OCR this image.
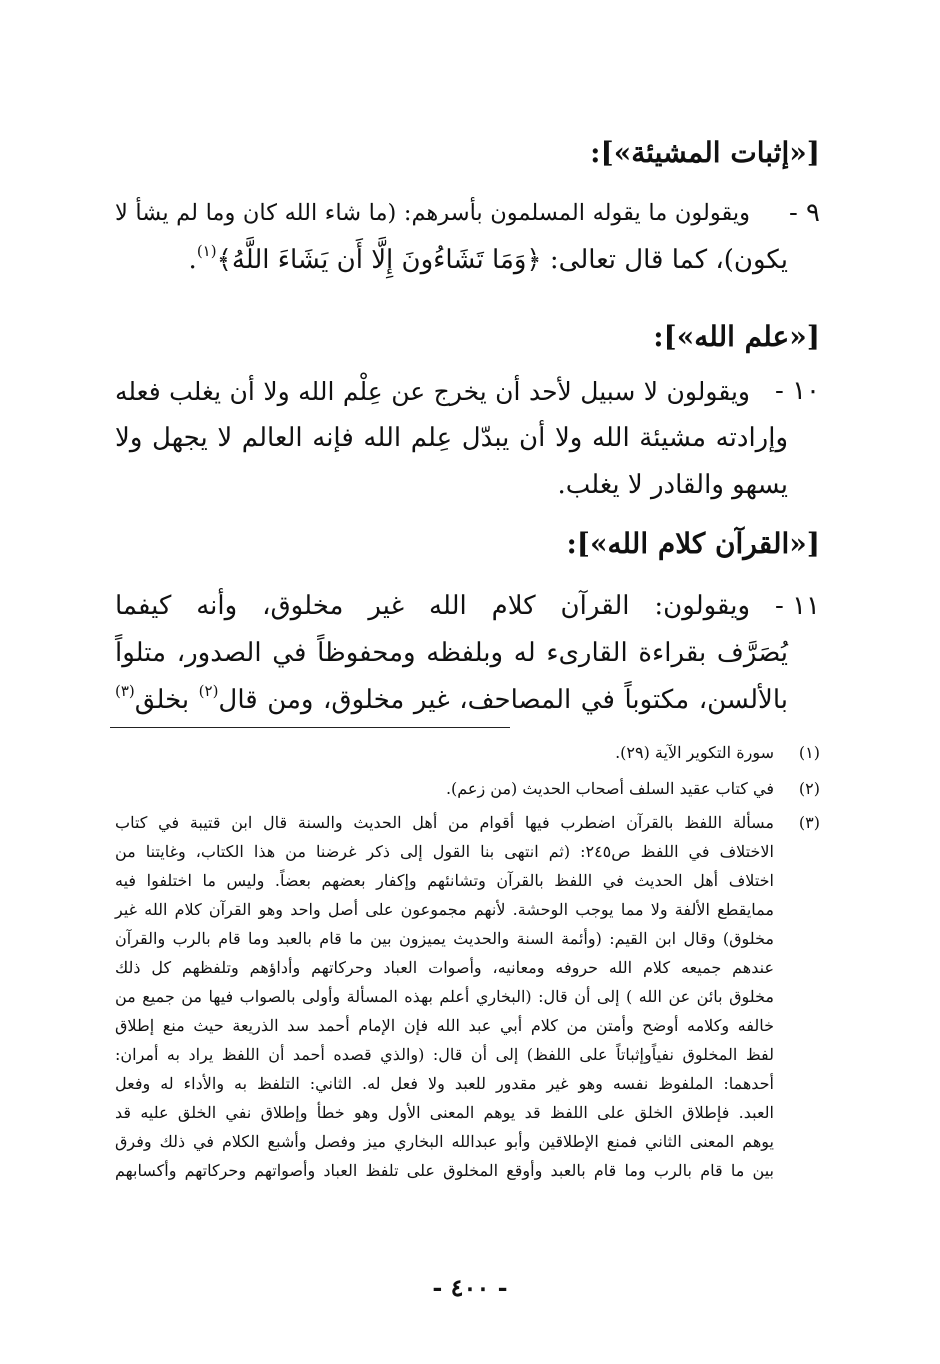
[«إثبات المشيئة»]:
٩ -
ويقولون ما يقوله المسلمون بأسرهم: (ما شاء الله كان وما لم يشأ لا
يكون)، كما قال تعالى: ﴿وَمَا تَشَاءُونَ إِلَّا أَن يَشَاءَ اللَّهُ﴾$^{(١)}$.
[«علم الله»]:
١٠ -
ويقولون لا سبيل لأحد أن يخرج عن عِلْم الله ولا أن يغلب فعله
وإرادته مشيئة الله ولا أن يبدّل عِلم الله فإنه العالم لا يجهل ولا
يسهو والقادر لا يغلب.
[«القرآن كلام الله»]:
١١ -
ويقولون: القرآن كلام الله غير مخلوق، وأنه كيفما
يُصَرَّف بقراءة القارىء له وبلفظه ومحفوظاً في الصدور، متلواً
بالألسن، مكتوباً في المصاحف، غير مخلوق، ومن قال$^{(٢)}$ بخلق$^{(٣)}$
(١)
سورة التكوير الآية (٢٩).
(٢)
في كتاب عقيد السلف أصحاب الحديث (من زعم).
(٣)
مسألة اللفظ بالقرآن اضطرب فيها أقوام من أهل الحديث والسنة قال ابن قتيبة في كتاب
الاختلاف في اللفظ ص٢٤٥: (ثم انتهى بنا القول إلى ذكر غرضنا من هذا الكتاب، وغايتنا من
اختلاف أهل الحديث في اللفظ بالقرآن وتشانئهم وإكفار بعضهم بعضاً. وليس ما اختلفوا فيه
ممايقطع الألفة ولا مما يوجب الوحشة. لأنهم مجموعون على أصل واحد وهو القرآن كلام الله غير
مخلوق) وقال ابن القيم: (وأئمة السنة والحديث يميزون بين ما قام بالعبد وما قام بالرب والقرآن
عندهم جميعه كلام الله حروفه ومعانيه، وأصوات العباد وحركاتهم وأداؤهم وتلفظهم كل ذلك
مخلوق بائن عن الله ) إلى أن قال: (البخاري أعلم بهذه المسألة وأولى بالصواب فيها من جميع من
خالفه وكلامه أوضح وأمتن من كلام أبي عبد الله فإن الإمام أحمد سد الذريعة حيث منع إطلاق
لفظ المخلوق نفياًوإثباتاً على اللفظ) إلى أن قال: (والذي قصده أحمد أن اللفظ يراد به أمران:
أحدهما: الملفوظ نفسه وهو غير مقدور للعبد ولا فعل له. الثاني: التلفظ به والأداء له وفعل
العبد. فإطلاق الخلق على اللفظ قد يوهم المعنى الأول وهو خطأ وإطلاق نفي الخلق عليه قد
يوهم المعنى الثاني فمنع الإطلاقين وأبو عبدالله البخاري ميز وفصل وأشبع الكلام في ذلك وفرق
بين ما قام بالرب وما قام بالعبد وأوقع المخلوق على تلفظ العباد وأصواتهم وحركاتهم وأكسابهم
- ٤٠٠ -
